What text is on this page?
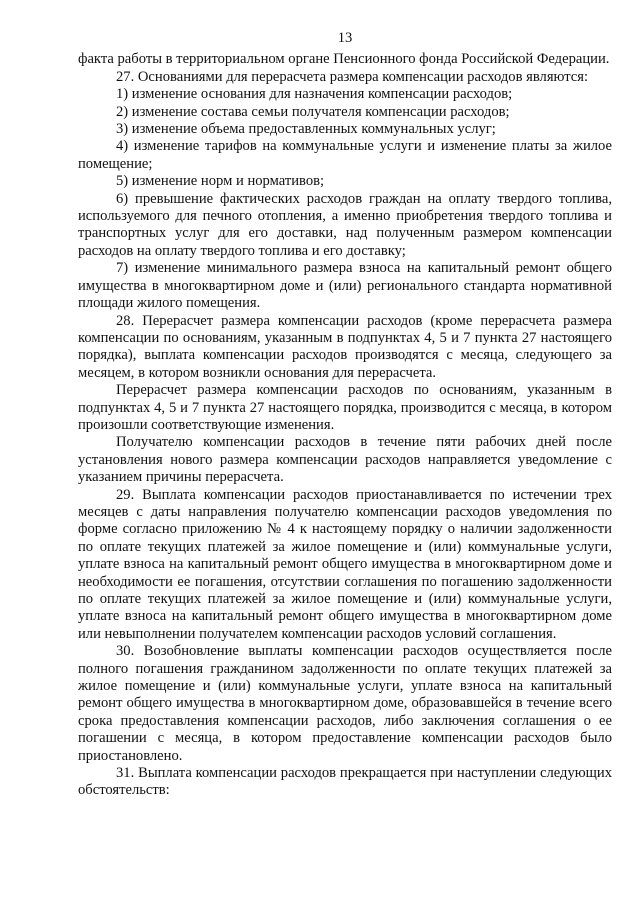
13
факта работы в территориальном органе Пенсионного фонда Российской Федерации.
27. Основаниями для перерасчета размера компенсации расходов являются:
1) изменение основания для назначения компенсации расходов;
2) изменение состава семьи получателя компенсации расходов;
3) изменение объема предоставленных коммунальных услуг;
4) изменение тарифов на коммунальные услуги и изменение платы за жилое помещение;
5) изменение норм и нормативов;
6) превышение фактических расходов граждан на оплату твердого топлива, используемого для печного отопления, а именно приобретения твердого топлива и транспортных услуг для его доставки, над полученным размером компенсации расходов на оплату твердого топлива и его доставку;
7) изменение минимального размера взноса на капитальный ремонт общего имущества в многоквартирном доме и (или) регионального стандарта нормативной площади жилого помещения.
28. Перерасчет размера компенсации расходов (кроме перерасчета размера компенсации по основаниям, указанным в подпунктах 4, 5 и 7 пункта 27 настоящего порядка), выплата компенсации расходов производятся с месяца, следующего за месяцем, в котором возникли основания для перерасчета.
Перерасчет размера компенсации расходов по основаниям, указанным в подпунктах 4, 5 и 7 пункта 27 настоящего порядка, производится с месяца, в котором произошли соответствующие изменения.
Получателю компенсации расходов в течение пяти рабочих дней после установления нового размера компенсации расходов направляется уведомление с указанием причины перерасчета.
29. Выплата компенсации расходов приостанавливается по истечении трех месяцев с даты направления получателю компенсации расходов уведомления по форме согласно приложению № 4 к настоящему порядку о наличии задолженности по оплате текущих платежей за жилое помещение и (или) коммунальные услуги, уплате взноса на капитальный ремонт общего имущества в многоквартирном доме и необходимости ее погашения, отсутствии соглашения по погашению задолженности по оплате текущих платежей за жилое помещение и (или) коммунальные услуги, уплате взноса на капитальный ремонт общего имущества в многоквартирном доме или невыполнении получателем компенсации расходов условий соглашения.
30. Возобновление выплаты компенсации расходов осуществляется после полного погашения гражданином задолженности по оплате текущих платежей за жилое помещение и (или) коммунальные услуги, уплате взноса на капитальный ремонт общего имущества в многоквартирном доме, образовавшейся в течение всего срока предоставления компенсации расходов, либо заключения соглашения о ее погашении с месяца, в котором предоставление компенсации расходов было приостановлено.
31. Выплата компенсации расходов прекращается при наступлении следующих обстоятельств:
